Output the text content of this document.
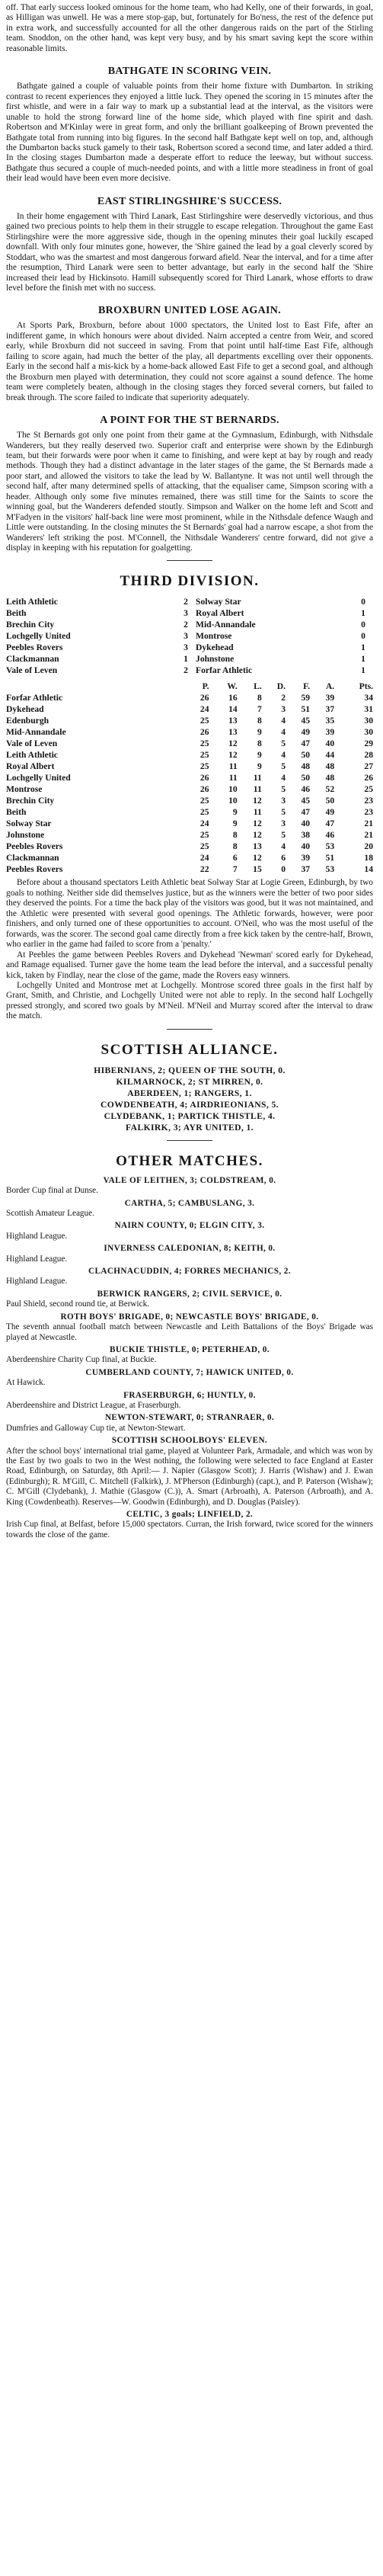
off. That early success looked ominous for the home team, who had Kelly, one of their forwards, in goal, as Hilligan was unwell. He was a mere stop-gap, but, fortunately for Bo'ness, the rest of the defence put in extra work, and successfully accounted for all the other dangerous raids on the part of the Stirling team. Snoddon, on the other hand, was kept very busy, and by his smart saving kept the score within reasonable limits.

BATHGATE IN SCORING VEIN.

Bathgate gained a couple of valuable points from their home fixture with Dumbarton. In striking contrast to recent experiences they enjoyed a little luck. They opened the scoring in 15 minutes after the first whistle, and were in a fair way to mark up a substantial lead at the interval, as the visitors were unable to hold the strong forward line of the home side, which played with fine spirit and dash. Robertson and M'Kinlay were in great form, and only the brilliant goalkeeping of Brown prevented the Bathgate total from running into big figures. In the second half Bathgate kept well on top, and, although the Dumbarton backs stuck gamely to their task, Robertson scored a second time, and later added a third. In the closing stages Dumbarton made a desperate effort to reduce the leeway, but without success. Bathgate thus secured a couple of much-needed points, and with a little more steadiness in front of goal their lead would have been even more decisive.

EAST STIRLINGSHIRE'S SUCCESS.

In their home engagement with Third Lanark, East Stirlingshire were deservedly victorious, and thus gained two precious points to help them in their struggle to escape relegation. Throughout the game East Stirlingshire were the more aggressive side, though in the opening minutes their goal luckily escaped downfall. With only four minutes gone, however, the 'Shire gained the lead by a goal cleverly scored by Stoddart, who was the smartest and most dangerous forward afield. Near the interval, and for a time after the resumption, Third Lanark were seen to better advantage, but early in the second half the 'Shire increased their lead by Hickinsoto. Hamill subsequently scored for Third Lanark, whose efforts to draw level before the finish met with no success.

BROXBURN UNITED LOSE AGAIN.

At Sports Park, Broxburn, before about 1000 spectators, the United lost to East Fife, after an indifferent game, in which honours were about divided. Nairn accepted a centre from Weir, and scored early, while Broxburn did not succeed in saving. From that point until half-time East Fife, although failing to score again, had much the better of the play, all departments excelling over their opponents. Early in the second half a mis-kick by a home-back allowed East Fife to get a second goal, and although the Broxburn men played with determination, they could not score against a sound defence. The home team were completely beaten, although in the closing stages they forced several corners, but failed to break through. The score failed to indicate that superiority adequately.

A POINT FOR THE ST BERNARDS.

The St Bernards got only one point from their game at the Gymnasium, Edinburgh, with Nithsdale Wanderers, but they really deserved two. Superior craft and enterprise were shown by the Edinburgh team, but their forwards were poor when it came to finishing, and were kept at bay by rough and ready methods. Though they had a distinct advantage in the later stages of the game, the St Bernards made a poor start, and allowed the visitors to take the lead by W. Ballantyne. It was not until well through the second half, after many determined spells of attacking, that the equaliser came, Simpson scoring with a header. Although only some five minutes remained, there was still time for the Saints to score the winning goal, but the Wanderers defended stoutly. Simpson and Walker on the home left and Scott and M'Fadyen in the visitors' half-back line were most prominent, while in the Nithsdale defence Waugh and Little were outstanding. In the closing minutes the St Bernards' goal had a narrow escape, a shot from the Wanderers' left striking the post. M'Connell, the Nithsdale Wanderers' centre forward, did not give a display in keeping with his reputation for goalgetting.

THIRD DIVISION.
Leith Athletic	2	Solway Star	0
Beith	3	Royal Albert	1
Brechin City	2	Mid-Annandale	0
Lochgelly United	3	Montrose	0
Peebles Rovers	3	Dykehead	1
Clackmannan	1	Johnstone	1
Vale of Leven	2	Forfar Athletic	1
	P.	W.	L.	D.	F.	A.	Pts.
Forfar Athletic	26	16	8	2	59	39	34
Dykehead	24	14	7	3	51	37	31
Edenburgh	25	13	8	4	45	35	30
Mid-Annandale	26	13	9	4	49	39	30
Vale of Leven	25	12	8	5	47	40	29
Leith Athletic	25	12	9	4	50	44	28
Royal Albert	25	11	9	5	48	48	27
Lochgelly United	26	11	11	4	50	48	26
Montrose	26	10	11	5	46	52	25
Brechin City	25	10	12	3	45	50	23
Beith	25	9	11	5	47	49	23
Solway Star	24	9	12	3	40	47	21
Johnstone	25	8	12	5	38	46	21
Peebles Rovers	25	8	13	4	40	53	20
Clackmannan	24	6	12	6	39	51	18
Peebles Rovers	22	7	15	0	37	53	14

Before about a thousand spectators Leith Athletic beat Solway Star at Logie Green, Edinburgh, by two goals to nothing. Neither side did themselves justice, but as the winners were the better of two poor sides they deserved the points. For a time the back play of the visitors was good, but it was not maintained, and the Athletic were presented with several good openings. The Athletic forwards, however, were poor finishers, and only turned one of these opportunities to account. O'Neil, who was the most useful of the forwards, was the scorer. The second goal came directly from a free kick taken by the centre-half, Brown, who earlier in the game had failed to score from a 'penalty.'

At Peebles the game between Peebles Rovers and Dykehead 'Newman' scored early for Dykehead, and Ramage equalised. Turner gave the home team the lead before the interval, and a successful penalty kick, taken by Findlay, near the close of the game, made the Rovers easy winners.

Lochgelly United and Montrose met at Lochgelly. Montrose scored three goals in the first half by Grant, Smith, and Christie, and Lochgelly United were not able to reply. In the second half Lochgelly pressed strongly, and scored two goals by M'Neil. M'Neil and Murray scored after the interval to draw the match.

SCOTTISH ALLIANCE.
HIBERNIANS, 2; QUEEN OF THE SOUTH, 0.
KILMARNOCK, 2; ST MIRREN, 0.
ABERDEEN, 1; RANGERS, 1.
COWDENBEATH, 4; AIRDRIEONIANS, 5.
CLYDEBANK, 1; PARTICK THISTLE, 4.
FALKIRK, 3; AYR UNITED, 1.
OTHER MATCHES.
VALE OF LEITHEN, 3; COLDSTREAM, 0.

Border Cup final at Dunse.

CARTHA, 5; CAMBUSLANG, 3.

Scottish Amateur League.

NAIRN COUNTY, 0; ELGIN CITY, 3.

Highland League.

INVERNESS CALEDONIAN, 8; KEITH, 0.

Highland League.

CLACHNACUDDIN, 4; FORRES MECHANICS, 2.

Highland League.

BERWICK RANGERS, 2; CIVIL SERVICE, 0.

Paul Shield, second round tie, at Berwick.

ROTH BOYS' BRIGADE, 0; NEWCASTLE BOYS' BRIGADE, 0.

The seventh annual football match between Newcastle and Leith Battalions of the Boys' Brigade was played at Newcastle.

BUCKIE THISTLE, 0; PETERHEAD, 0.

Aberdeenshire Charity Cup final, at Buckie.

CUMBERLAND COUNTY, 7; HAWICK UNITED, 0.

At Hawick.

FRASERBURGH, 6; HUNTLY, 0.

Aberdeenshire and District League, at Fraserburgh.

NEWTON-STEWART, 0; STRANRAER, 0.

Dumfries and Galloway Cup tie, at Newton-Stewart.

SCOTTISH SCHOOLBOYS' ELEVEN.

After the school boys' international trial game, played at Volunteer Park, Armadale, and which was won by the East by two goals to two in the West nothing, the following were selected to face England at Easter Road, Edinburgh, on Saturday, 8th April:— J. Napier (Glasgow Scott); J. Harris (Wishaw) and J. Ewan (Edinburgh); R. M'Gill, C. Mitchell (Falkirk), J. M'Pherson (Edinburgh) (capt.), and P. Paterson (Wishaw); C. M'Gill (Clydebank), J. Mathie (Glasgow (C.)), A. Smart (Arbroath), A. Paterson (Arbroath), and A. King (Cowdenbeath). Reserves—W. Goodwin (Edinburgh), and D. Douglas (Paisley).

CELTIC, 3 goals; LINFIELD, 2.

Irish Cup final, at Belfast, before 15,000 spectators. Curran, the Irish forward, twice scored for the winners towards the close of the game.
